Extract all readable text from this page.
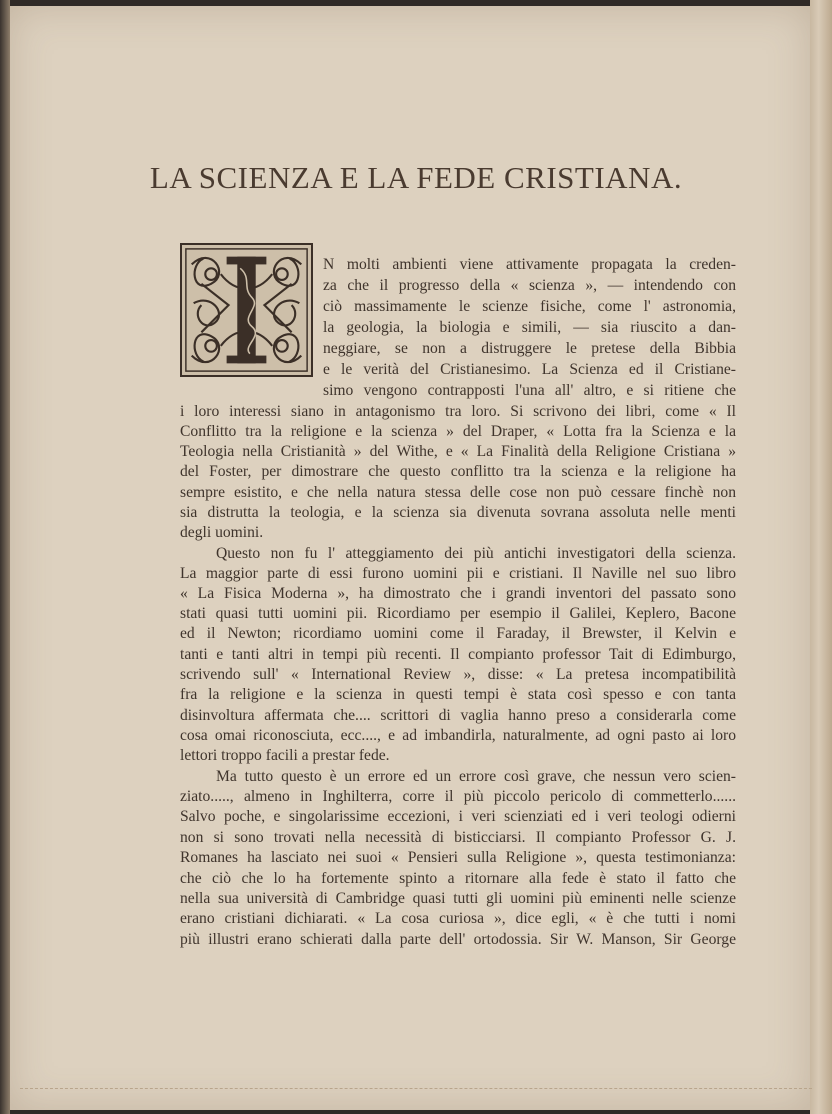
LA SCIENZA E LA FEDE CRISTIANA.
N molti ambienti viene attivamente propagata la creden-
za che il progresso della « scienza », — intendendo con
ciò massimamente le scienze fisiche, come l' astronomia,
la geologia, la biologia e simili, — sia riuscito a dan-
neggiare, se non a distruggere le pretese della Bibbia
e le verità del Cristianesimo. La Scienza ed il Cristiane-
simo vengono contrapposti l'una all' altro, e si ritiene che
i loro interessi siano in antagonismo tra loro. Si scrivono dei libri, come « Il
Conflitto tra la religione e la scienza » del Draper, « Lotta fra la Scienza e la
Teologia nella Cristianità » del Withe, e « La Finalità della Religione Cristiana »
del Foster, per dimostrare che questo conflitto tra la scienza e la religione ha
sempre esistito, e che nella natura stessa delle cose non può cessare finchè non
sia distrutta la teologia, e la scienza sia divenuta sovrana assoluta nelle menti
degli uomini.
Questo non fu l' atteggiamento dei più antichi investigatori della scienza.
La maggior parte di essi furono uomini pii e cristiani. Il Naville nel suo libro
« La Fisica Moderna », ha dimostrato che i grandi inventori del passato sono
stati quasi tutti uomini pii. Ricordiamo per esempio il Galilei, Keplero, Bacone
ed il Newton; ricordiamo uomini come il Faraday, il Brewster, il Kelvin e
tanti e tanti altri in tempi più recenti. Il compianto professor Tait di Edimburgo,
scrivendo sull' « International Review », disse: « La pretesa incompatibilità
fra la religione e la scienza in questi tempi è stata così spesso e con tanta
disinvoltura affermata che.... scrittori di vaglia hanno preso a considerarla come
cosa omai riconosciuta, ecc...., e ad imbandirla, naturalmente, ad ogni pasto ai loro
lettori troppo facili a prestar fede.
Ma tutto questo è un errore ed un errore così grave, che nessun vero scien-
ziato....., almeno in Inghilterra, corre il più piccolo pericolo di commetterlo......
Salvo poche, e singolarissime eccezioni, i veri scienziati ed i veri teologi odierni
non si sono trovati nella necessità di bisticciarsi. Il compianto Professor G. J.
Romanes ha lasciato nei suoi « Pensieri sulla Religione », questa testimonianza:
che ciò che lo ha fortemente spinto a ritornare alla fede è stato il fatto che
nella sua università di Cambridge quasi tutti gli uomini più eminenti nelle scienze
erano cristiani dichiarati. « La cosa curiosa », dice egli, « è che tutti i nomi
più illustri erano schierati dalla parte dell' ortodossia. Sir W. Manson, Sir George
